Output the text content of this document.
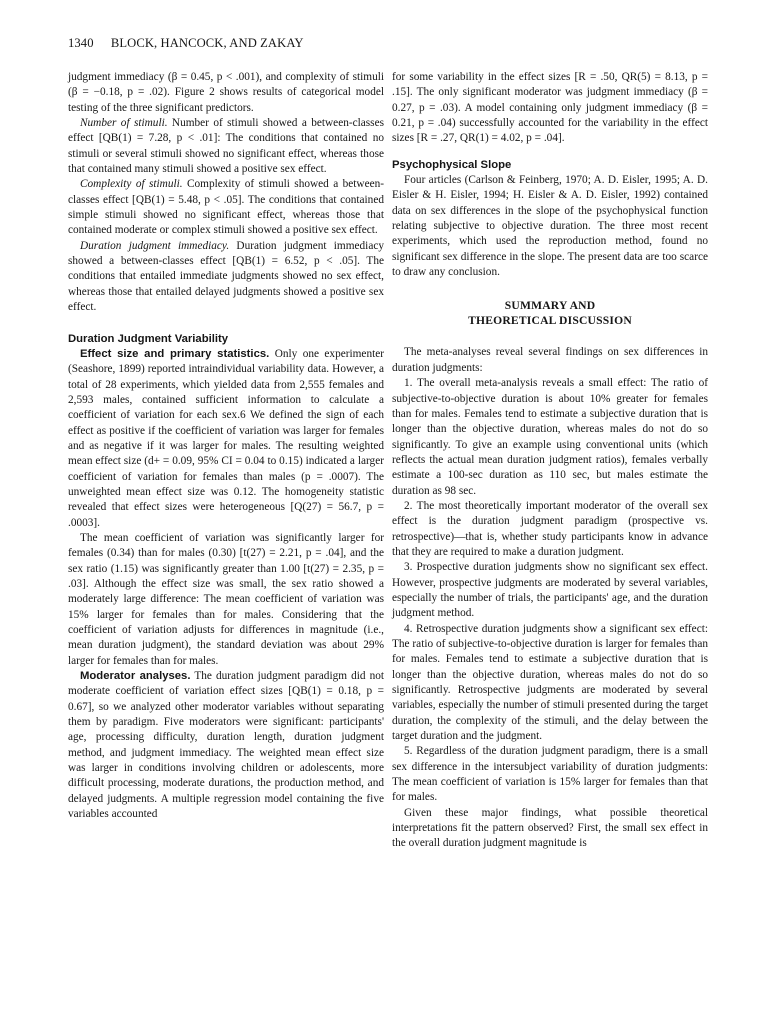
1340 BLOCK, HANCOCK, AND ZAKAY

judgment immediacy (β = 0.45, p < .001), and complexity of stimuli (β = −0.18, p = .02). Figure 2 shows results of categorical model testing of the three significant predictors.

Number of stimuli. Number of stimuli showed a between-classes effect [QB(1) = 7.28, p < .01]: The conditions that contained no stimuli or several stimuli showed no significant effect, whereas those that contained many stimuli showed a positive sex effect.

Complexity of stimuli. Complexity of stimuli showed a between-classes effect [QB(1) = 5.48, p < .05]. The conditions that contained simple stimuli showed no significant effect, whereas those that contained moderate or complex stimuli showed a positive sex effect.

Duration judgment immediacy. Duration judgment immediacy showed a between-classes effect [QB(1) = 6.52, p < .05]. The conditions that entailed immediate judgments showed no sex effect, whereas those that entailed delayed judgments showed a positive sex effect.

Duration Judgment Variability

Effect size and primary statistics. Only one experimenter (Seashore, 1899) reported intraindividual variability data. However, a total of 28 experiments, which yielded data from 2,555 females and 2,593 males, contained sufficient information to calculate a coefficient of variation for each sex.6 We defined the sign of each effect as positive if the coefficient of variation was larger for females and as negative if it was larger for males. The resulting weighted mean effect size (d+ = 0.09, 95% CI = 0.04 to 0.15) indicated a larger coefficient of variation for females than males (p = .0007). The unweighted mean effect size was 0.12. The homogeneity statistic revealed that effect sizes were heterogeneous [Q(27) = 56.7, p = .0003].

The mean coefficient of variation was significantly larger for females (0.34) than for males (0.30) [t(27) = 2.21, p = .04], and the sex ratio (1.15) was significantly greater than 1.00 [t(27) = 2.35, p = .03]. Although the effect size was small, the sex ratio showed a moderately large difference: The mean coefficient of variation was 15% larger for females than for males. Considering that the coefficient of variation adjusts for differences in magnitude (i.e., mean duration judgment), the standard deviation was about 29% larger for females than for males.

Moderator analyses. The duration judgment paradigm did not moderate coefficient of variation effect sizes [QB(1) = 0.18, p = 0.67], so we analyzed other moderator variables without separating them by paradigm. Five moderators were significant: participants' age, processing difficulty, duration length, duration judgment method, and judgment immediacy. The weighted mean effect size was larger in conditions involving children or adolescents, more difficult processing, moderate durations, the production method, and delayed judgments. A multiple regression model containing the five variables accounted

for some variability in the effect sizes [R = .50, QR(5) = 8.13, p = .15]. The only significant moderator was judgment immediacy (β = 0.27, p = .03). A model containing only judgment immediacy (β = 0.21, p = .04) successfully accounted for the variability in the effect sizes [R = .27, QR(1) = 4.02, p = .04].

Psychophysical Slope

Four articles (Carlson & Feinberg, 1970; A. D. Eisler, 1995; A. D. Eisler & H. Eisler, 1994; H. Eisler & A. D. Eisler, 1992) contained data on sex differences in the slope of the psychophysical function relating subjective to objective duration. The three most recent experiments, which used the reproduction method, found no significant sex difference in the slope. The present data are too scarce to draw any conclusion.

SUMMARY AND
THEORETICAL DISCUSSION

The meta-analyses reveal several findings on sex differences in duration judgments:

1. The overall meta-analysis reveals a small effect: The ratio of subjective-to-objective duration is about 10% greater for females than for males. Females tend to estimate a subjective duration that is longer than the objective duration, whereas males do not do so significantly. To give an example using conventional units (which reflects the actual mean duration judgment ratios), females verbally estimate a 100-sec duration as 110 sec, but males estimate the duration as 98 sec.

2. The most theoretically important moderator of the overall sex effect is the duration judgment paradigm (prospective vs. retrospective)—that is, whether study participants know in advance that they are required to make a duration judgment.

3. Prospective duration judgments show no significant sex effect. However, prospective judgments are moderated by several variables, especially the number of trials, the participants' age, and the duration judgment method.

4. Retrospective duration judgments show a significant sex effect: The ratio of subjective-to-objective duration is larger for females than for males. Females tend to estimate a subjective duration that is longer than the objective duration, whereas males do not do so significantly. Retrospective judgments are moderated by several variables, especially the number of stimuli presented during the target duration, the complexity of the stimuli, and the delay between the target duration and the judgment.

5. Regardless of the duration judgment paradigm, there is a small sex difference in the intersubject variability of duration judgments: The mean coefficient of variation is 15% larger for females than that for males.

Given these major findings, what possible theoretical interpretations fit the pattern observed? First, the small sex effect in the overall duration judgment magnitude is
